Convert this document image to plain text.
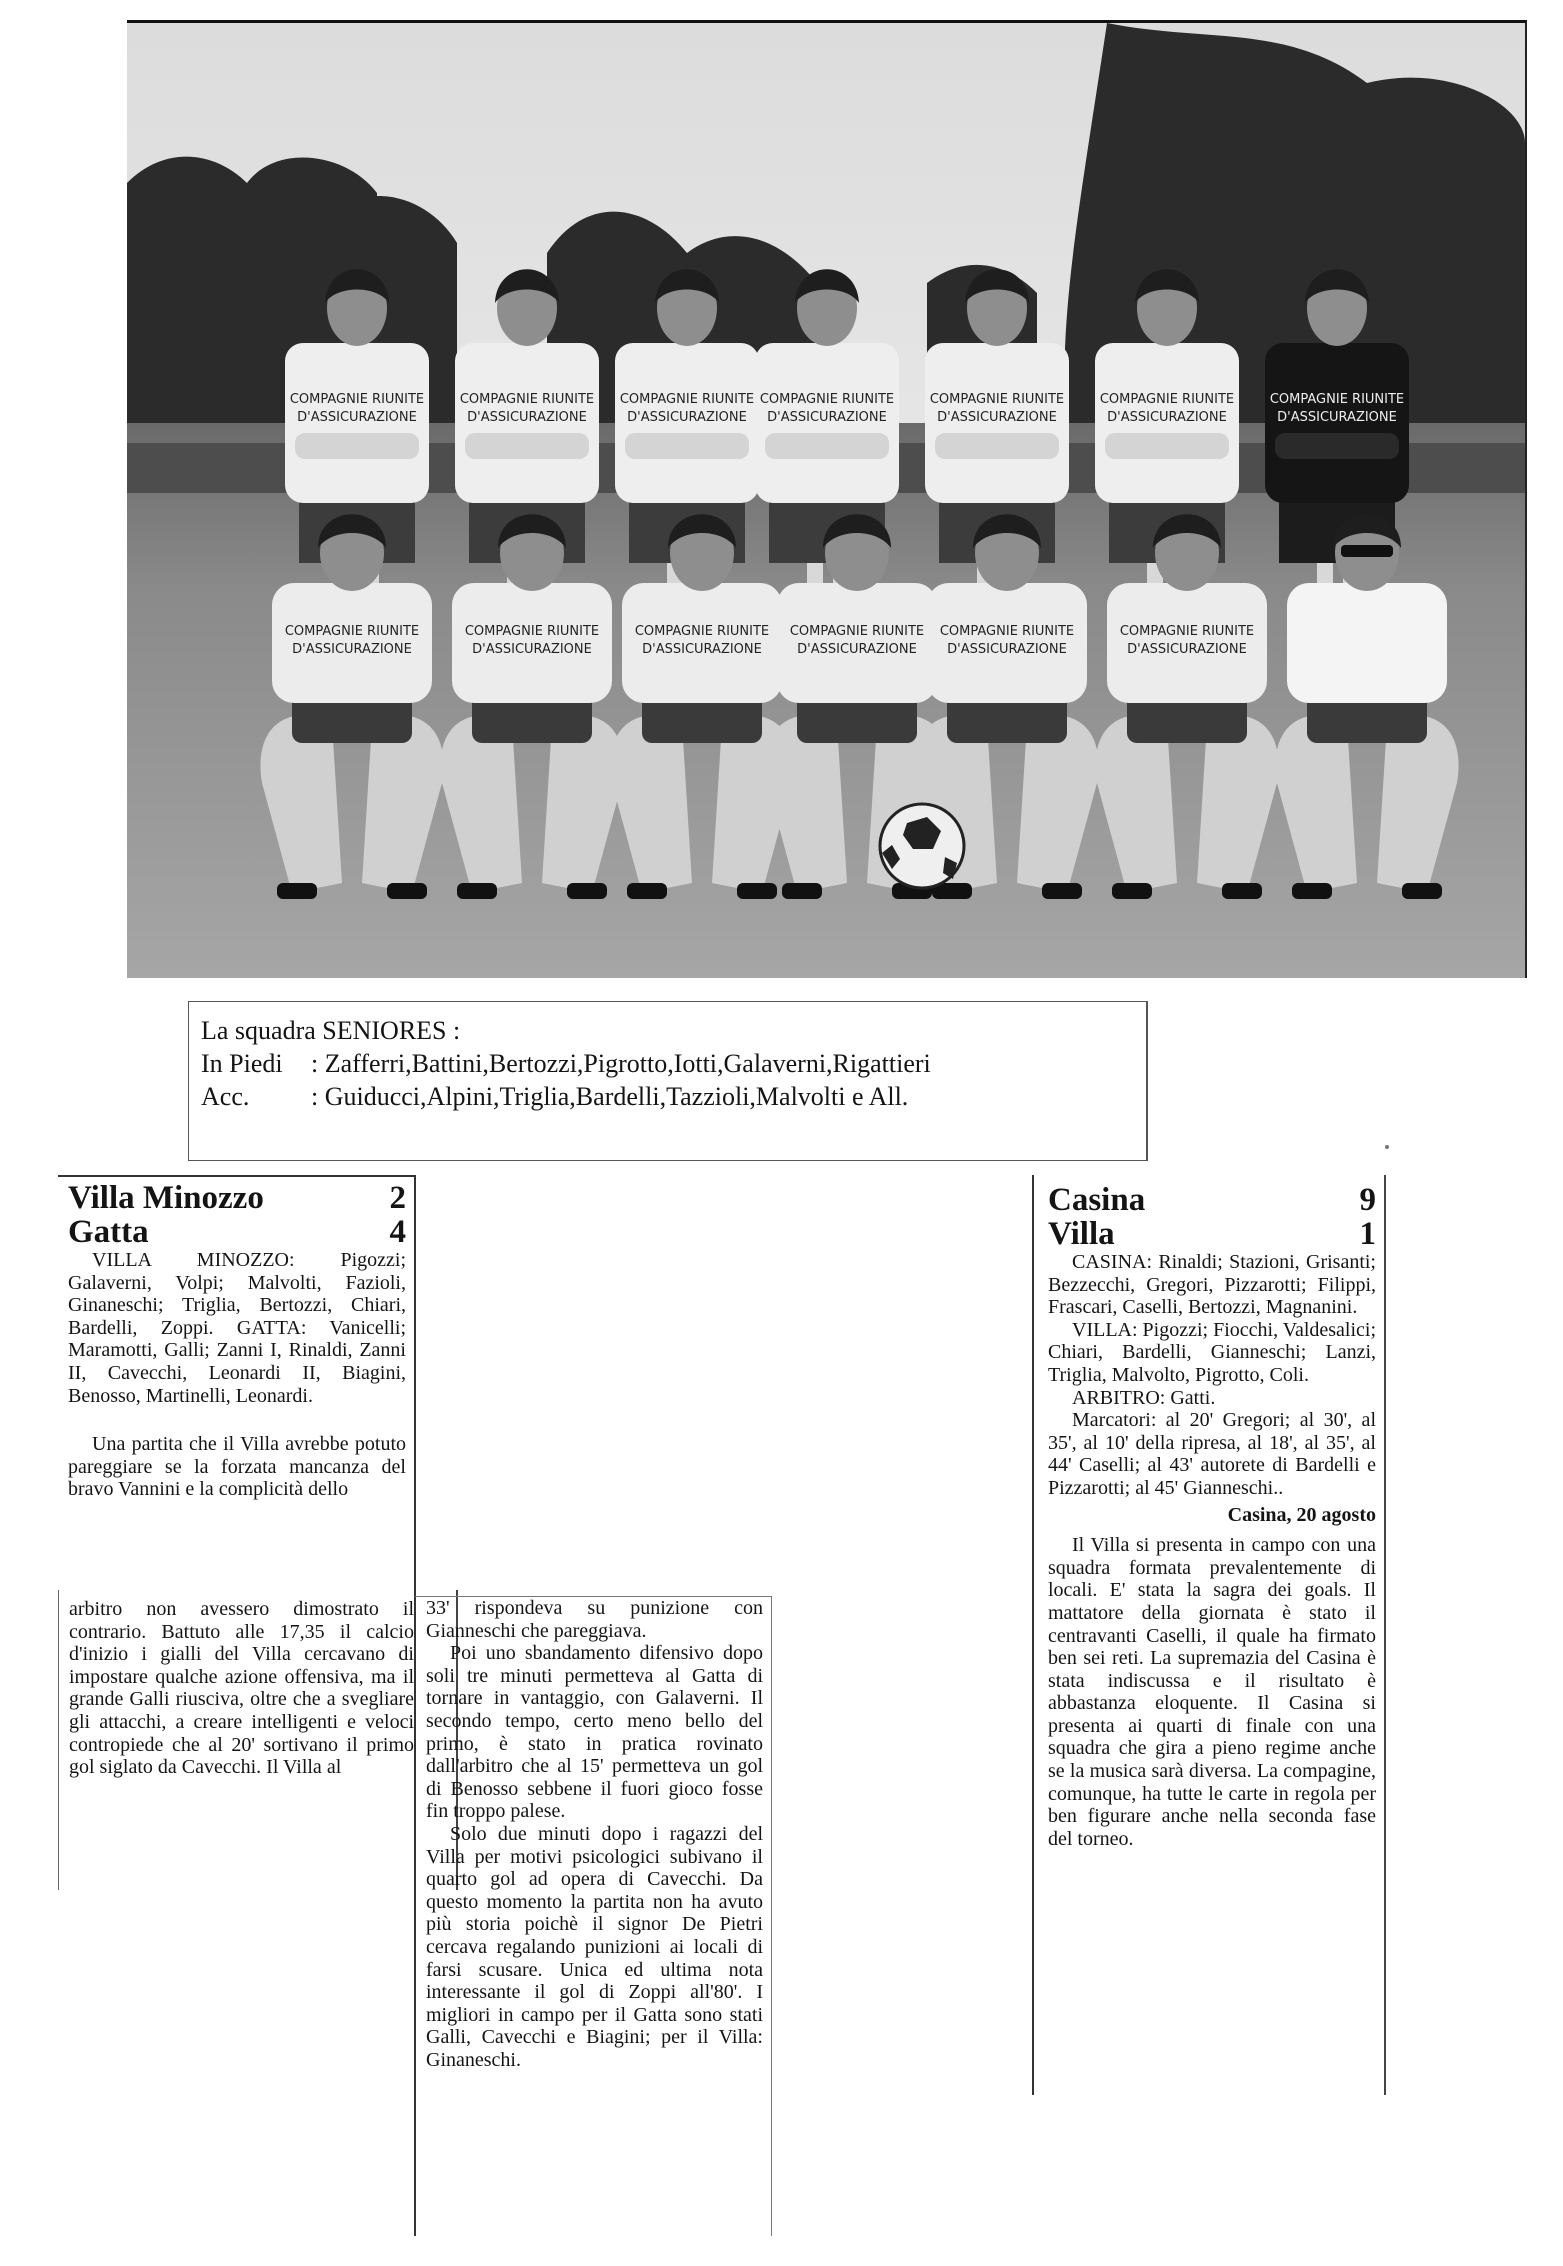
COMPAGNIE RIUNITE
D'ASSICURAZIONE
COMPAGNIE RIUNITE
D'ASSICURAZIONE
COMPAGNIE RIUNITE
D'ASSICURAZIONE
COMPAGNIE RIUNITE
D'ASSICURAZIONE
COMPAGNIE RIUNITE
D'ASSICURAZIONE
COMPAGNIE RIUNITE
D'ASSICURAZIONE
COMPAGNIE RIUNITE
D'ASSICURAZIONE
COMPAGNIE RIUNITE
D'ASSICURAZIONE
COMPAGNIE RIUNITE
D'ASSICURAZIONE
COMPAGNIE RIUNITE
D'ASSICURAZIONE
COMPAGNIE RIUNITE
D'ASSICURAZIONE
COMPAGNIE RIUNITE
D'ASSICURAZIONE
COMPAGNIE RIUNITE
D'ASSICURAZIONE
La squadra SENIORES :
In Piedi : Zafferri,Battini,Bertozzi,Pigrotto,Iotti,Galaverni,Rigattieri
Acc. : Guiducci,Alpini,Triglia,Bardelli,Tazzioli,Malvolti e All.
Villa Minozzo	2
Gatta	4

VILLA MINOZZO: Pigozzi; Galaverni, Volpi; Malvolti, Fazioli, Ginaneschi; Triglia, Bertozzi, Chiari, Bardelli, Zoppi. GATTA: Vanicelli; Maramotti, Galli; Zanni I, Rinaldi, Zanni II, Cavecchi, Leonardi II, Biagini, Benosso, Martinelli, Leonardi.

Una partita che il Villa avrebbe potuto pareggiare se la forzata mancanza del bravo Vannini e la complicità dello

arbitro non avessero dimostrato il contrario. Battuto alle 17,35 il calcio d'inizio i gialli del Villa cercavano di impostare qualche azione offensiva, ma il grande Galli riusciva, oltre che a svegliare gli attacchi, a creare intelligenti e veloci contropiede che al 20' sortivano il primo gol siglato da Cavecchi. Il Villa al

33' rispondeva su punizione con Gianneschi che pareggiava.

Poi uno sbandamento difensivo dopo soli tre minuti permetteva al Gatta di tornare in vantaggio, con Galaverni. Il secondo tempo, certo meno bello del primo, è stato in pratica rovinato dall'arbitro che al 15' permetteva un gol di Benosso sebbene il fuori gioco fosse fin troppo palese.

Solo due minuti dopo i ragazzi del Villa per motivi psicologici subivano il quarto gol ad opera di Cavecchi. Da questo momento la partita non ha avuto più storia poichè il signor De Pietri cercava regalando punizioni ai locali di farsi scusare. Unica ed ultima nota interessante il gol di Zoppi all'80'. I migliori in campo per il Gatta sono stati Galli, Cavecchi e Biagini; per il Villa: Ginaneschi.

Casina	9
Villa	1

CASINA: Rinaldi; Stazioni, Grisanti; Bezzecchi, Gregori, Pizzarotti; Filippi, Frascari, Caselli, Bertozzi, Magnanini.

VILLA: Pigozzi; Fiocchi, Valdesalici; Chiari, Bardelli, Gianneschi; Lanzi, Triglia, Malvolto, Pigrotto, Coli.

ARBITRO: Gatti.

Marcatori: al 20' Gregori; al 30', al 35', al 10' della ripresa, al 18', al 35', al 44' Caselli; al 43' autorete di Bardelli e Pizzarotti; al 45' Gianneschi..

Casina, 20 agosto

Il Villa si presenta in campo con una squadra formata prevalentemente di locali. E' stata la sagra dei goals. Il mattatore della giornata è stato il centravanti Caselli, il quale ha firmato ben sei reti. La supremazia del Casina è stata indiscussa e il risultato è abbastanza eloquente. Il Casina si presenta ai quarti di finale con una squadra che gira a pieno regime anche se la musica sarà diversa. La compagine, comunque, ha tutte le carte in regola per ben figurare anche nella seconda fase del torneo.
